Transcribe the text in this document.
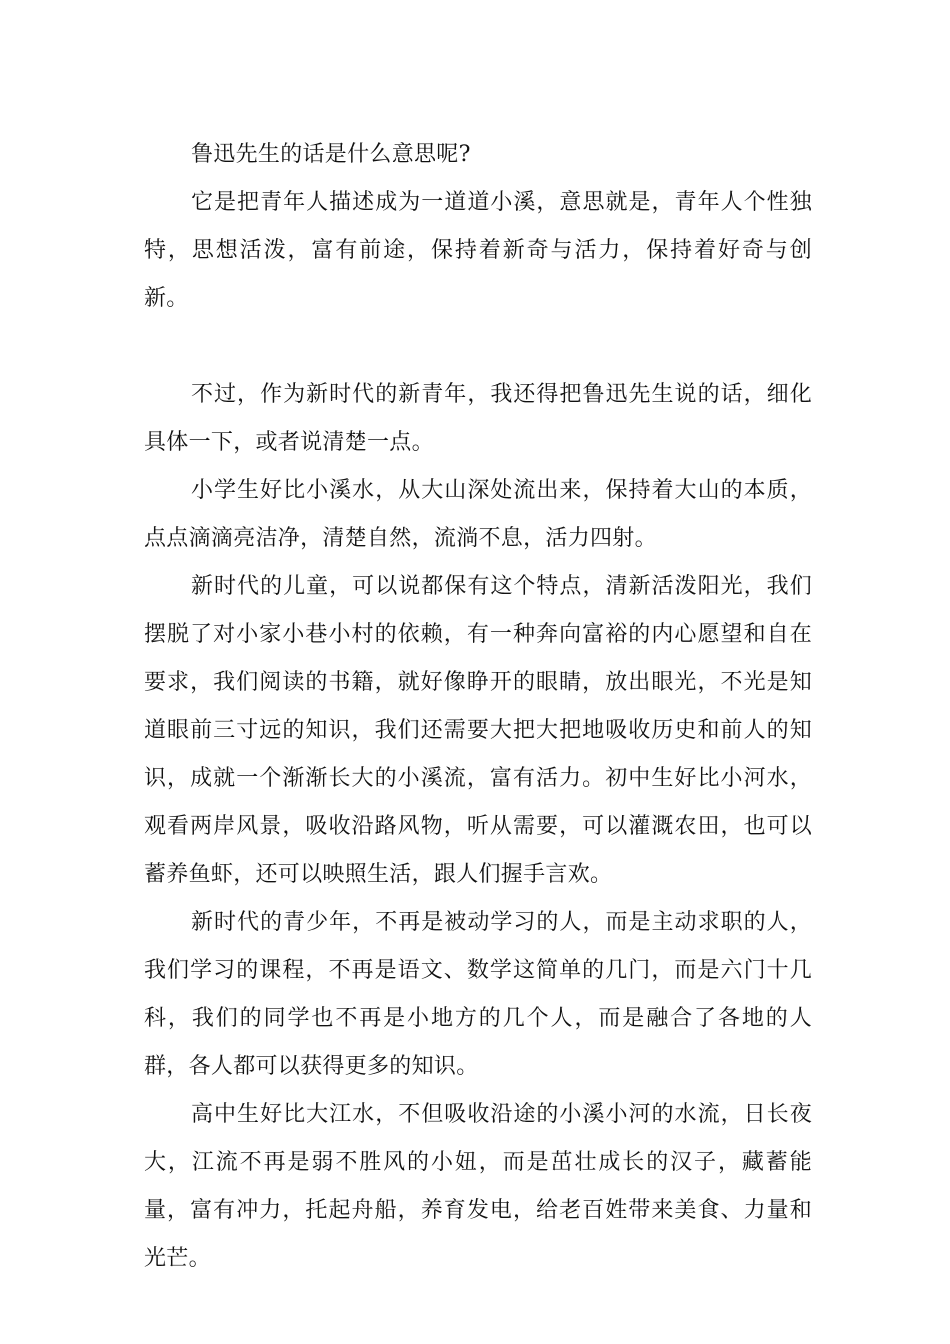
鲁迅先生的话是什么意思呢?

它是把青年人描述成为一道道小溪，意思就是，青年人个性独特，思想活泼，富有前途，保持着新奇与活力，保持着好奇与创新。

不过，作为新时代的新青年，我还得把鲁迅先生说的话，细化具体一下，或者说清楚一点。

小学生好比小溪水，从大山深处流出来，保持着大山的本质，点点滴滴亮洁净，清楚自然，流淌不息，活力四射。

新时代的儿童，可以说都保有这个特点，清新活泼阳光，我们摆脱了对小家小巷小村的依赖，有一种奔向富裕的内心愿望和自在要求，我们阅读的书籍，就好像睁开的眼睛，放出眼光，不光是知道眼前三寸远的知识，我们还需要大把大把地吸收历史和前人的知识，成就一个渐渐长大的小溪流，富有活力。初中生好比小河水，观看两岸风景，吸收沿路风物，听从需要，可以灌溉农田，也可以蓄养鱼虾，还可以映照生活，跟人们握手言欢。

新时代的青少年，不再是被动学习的人，而是主动求职的人，我们学习的课程，不再是语文、数学这简单的几门，而是六门十几科，我们的同学也不再是小地方的几个人，而是融合了各地的人群，各人都可以获得更多的知识。

高中生好比大江水，不但吸收沿途的小溪小河的水流，日长夜大，江流不再是弱不胜风的小妞，而是茁壮成长的汉子，藏蓄能量，富有冲力，托起舟船，养育发电，给老百姓带来美食、力量和光芒。
